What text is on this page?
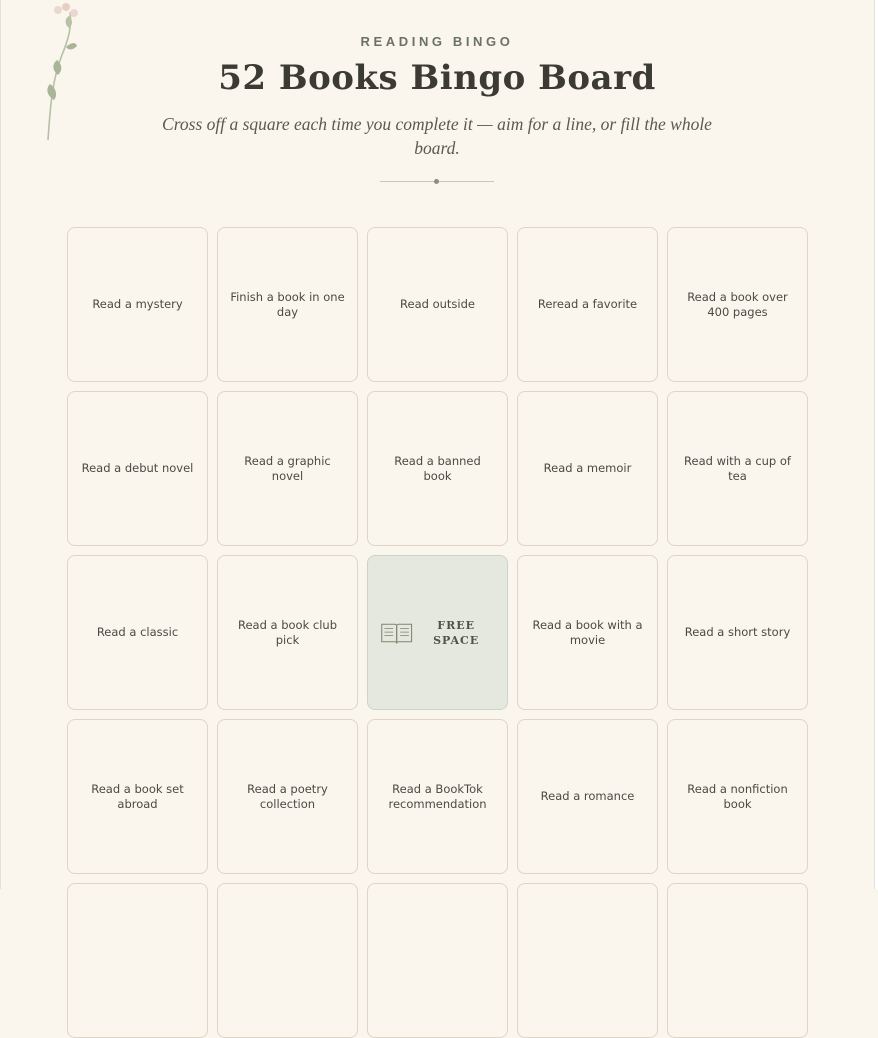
READING BINGO
52 Books Bingo Board
Cross off a square each time you complete it — aim for a line, or fill the whole board.
Read a mystery
Finish a book in one day
Read outside	Reread a favorite
Read a book over 400 pages
Read a debut novel
Read a graphic novel
Read a banned book
Read a memoir
Read with a cup of tea
Read a classic
Read a book club pick
FREE SPACE
Read a book with a movie
Read a short story
Read a book set abroad
Read a poetry collection
Read a BookTok recommendation
Read a romance
Read a nonfiction book
